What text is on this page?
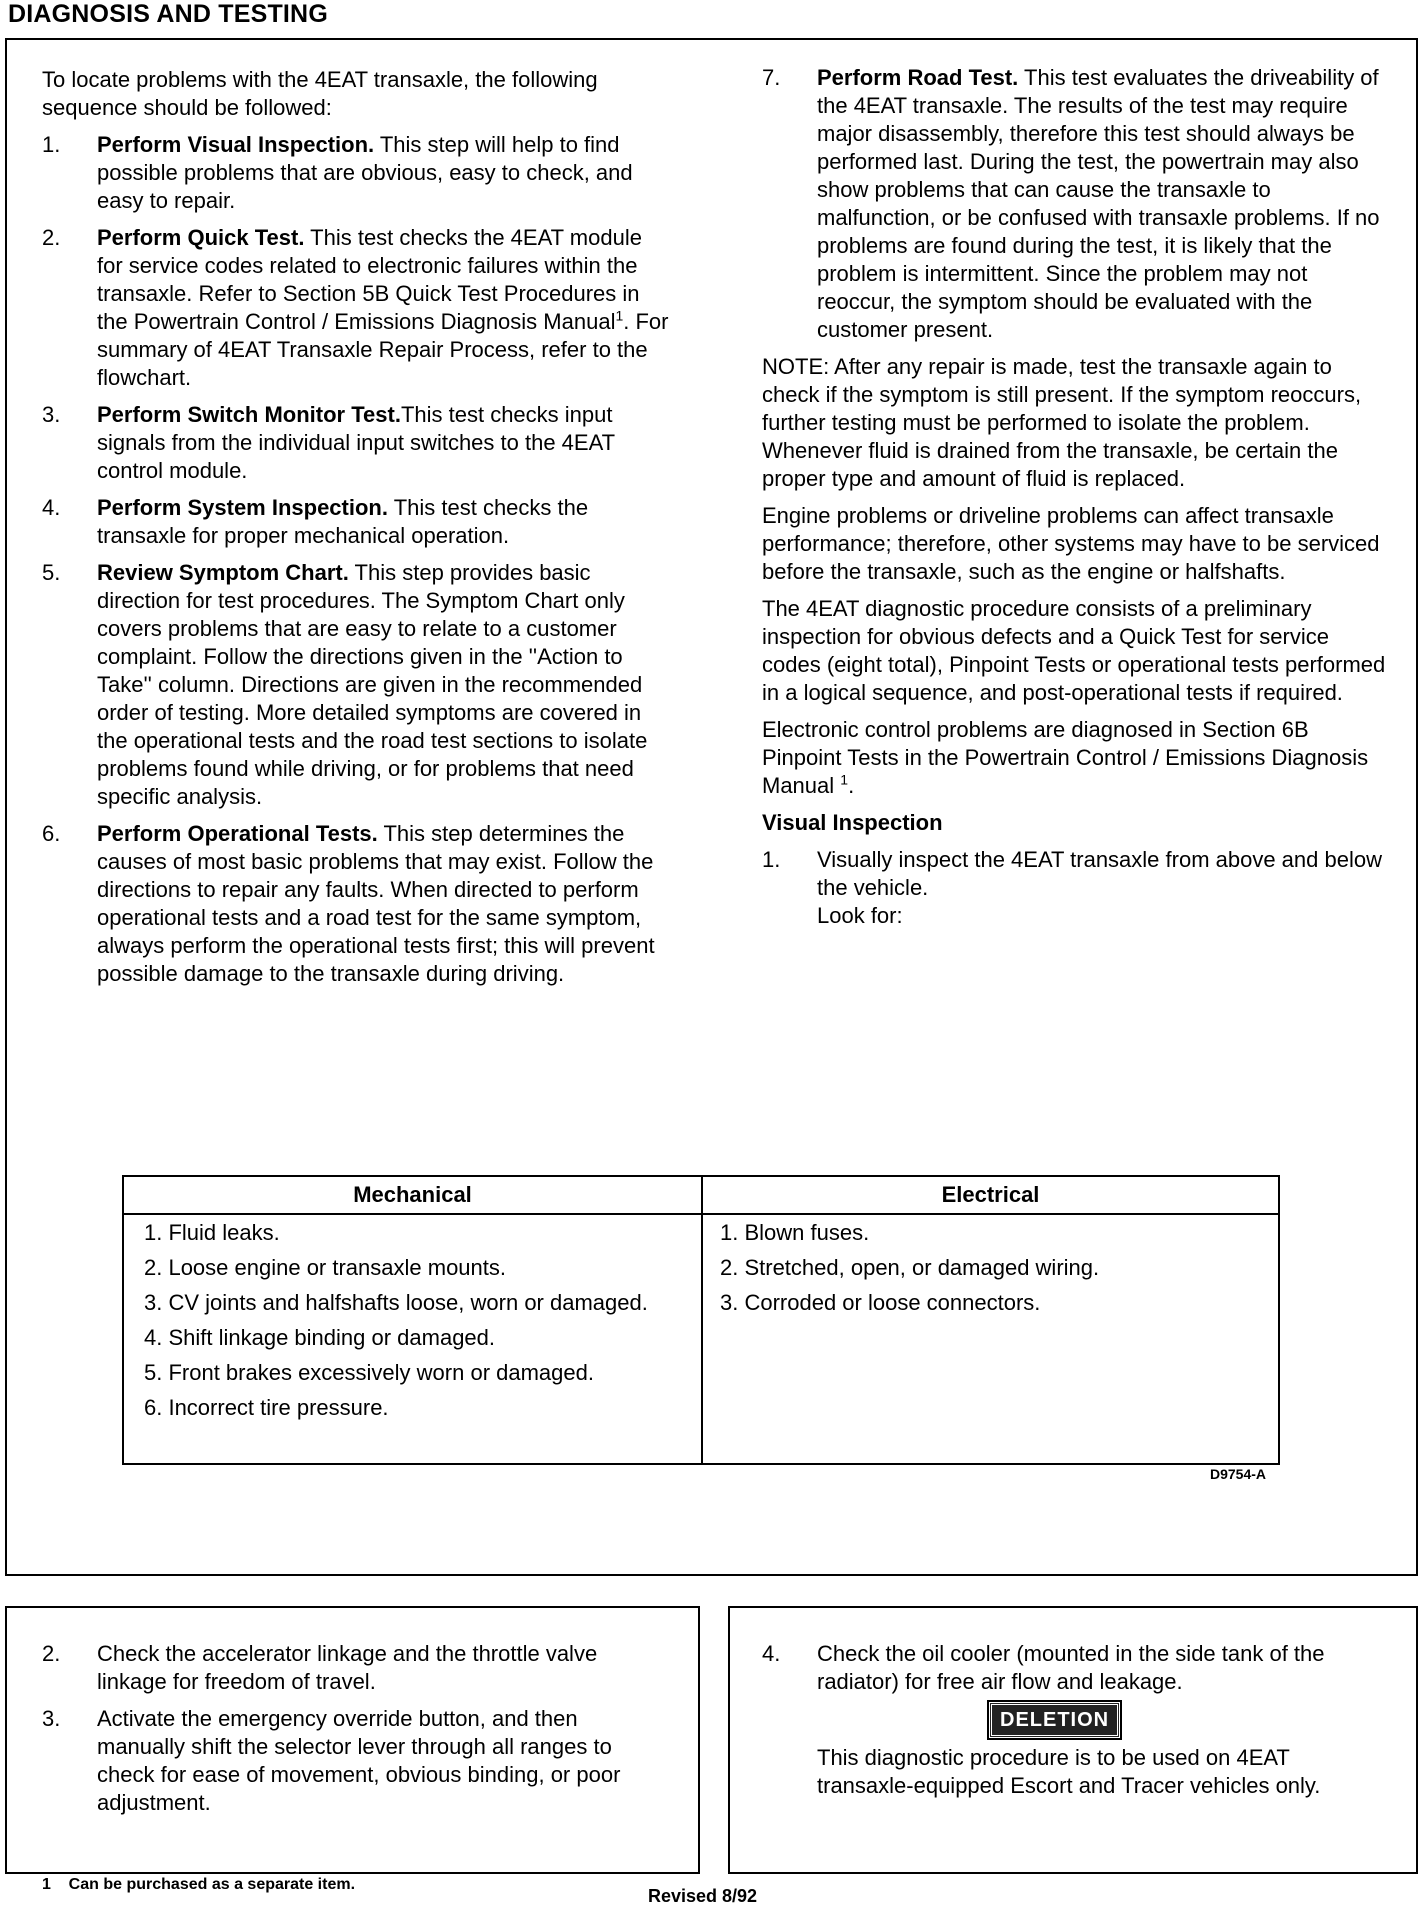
DIAGNOSIS AND TESTING

To locate problems with the 4EAT transaxle, the following sequence should be followed:

1. Perform Visual Inspection. This step will help to find possible problems that are obvious, easy to check, and easy to repair.
2. Perform Quick Test. This test checks the 4EAT module for service codes related to electronic failures within the transaxle. Refer to Section 5B Quick Test Procedures in the Powertrain Control / Emissions Diagnosis Manual$^1$. For summary of 4EAT Transaxle Repair Process, refer to the flowchart.
3. Perform Switch Monitor Test.This test checks input signals from the individual input switches to the 4EAT control module.
4. Perform System Inspection. This test checks the transaxle for proper mechanical operation.
5. Review Symptom Chart. This step provides basic direction for test procedures. The Symptom Chart only covers problems that are easy to relate to a customer complaint. Follow the directions given in the ''Action to Take'' column. Directions are given in the recommended order of testing. More detailed symptoms are covered in the operational tests and the road test sections to isolate problems found while driving, or for problems that need specific analysis.
6. Perform Operational Tests. This step determines the causes of most basic problems that may exist. Follow the directions to repair any faults. When directed to perform operational tests and a road test for the same symptom, always perform the operational tests first; this will prevent possible damage to the transaxle during driving.
7. Perform Road Test. This test evaluates the driveability of the 4EAT transaxle. The results of the test may require major disassembly, therefore this test should always be performed last. During the test, the powertrain may also show problems that can cause the transaxle to malfunction, or be confused with transaxle problems. If no problems are found during the test, it is likely that the problem is intermittent. Since the problem may not reoccur, the symptom should be evaluated with the customer present.

NOTE: After any repair is made, test the transaxle again to check if the symptom is still present. If the symptom reoccurs, further testing must be performed to isolate the problem. Whenever fluid is drained from the transaxle, be certain the proper type and amount of fluid is replaced.

Engine problems or driveline problems can affect transaxle performance; therefore, other systems may have to be serviced before the transaxle, such as the engine or halfshafts.

The 4EAT diagnostic procedure consists of a preliminary inspection for obvious defects and a Quick Test for service codes (eight total), Pinpoint Tests or operational tests performed in a logical sequence, and post-operational tests if required.

Electronic control problems are diagnosed in Section 6B Pinpoint Tests in the Powertrain Control / Emissions Diagnosis Manual $^1$.

Visual Inspection

1. Visually inspect the 4EAT transaxle from above and below the vehicle.
Look for:
Mechanical	Electrical
1. Fluid leaks.
2. Loose engine or transaxle mounts.
3. CV joints and halfshafts loose, worn or damaged.
4. Shift linkage binding or damaged.
5. Front brakes excessively worn or damaged.
6. Incorrect tire pressure.
1. Blown fuses.
2. Stretched, open, or damaged wiring.
3. Corroded or loose connectors.
D9754-A
2. Check the accelerator linkage and the throttle valve linkage for freedom of travel.
3. Activate the emergency override button, and then manually shift the selector lever through all ranges to check for ease of movement, obvious binding, or poor adjustment.
4. Check the oil cooler (mounted in the side tank of the radiator) for free air flow and leakage.

DELETION
This diagnostic procedure is to be used on 4EAT transaxle-equipped Escort and Tracer vehicles only.
1    Can be purchased as a separate item.
Revised 8/92
